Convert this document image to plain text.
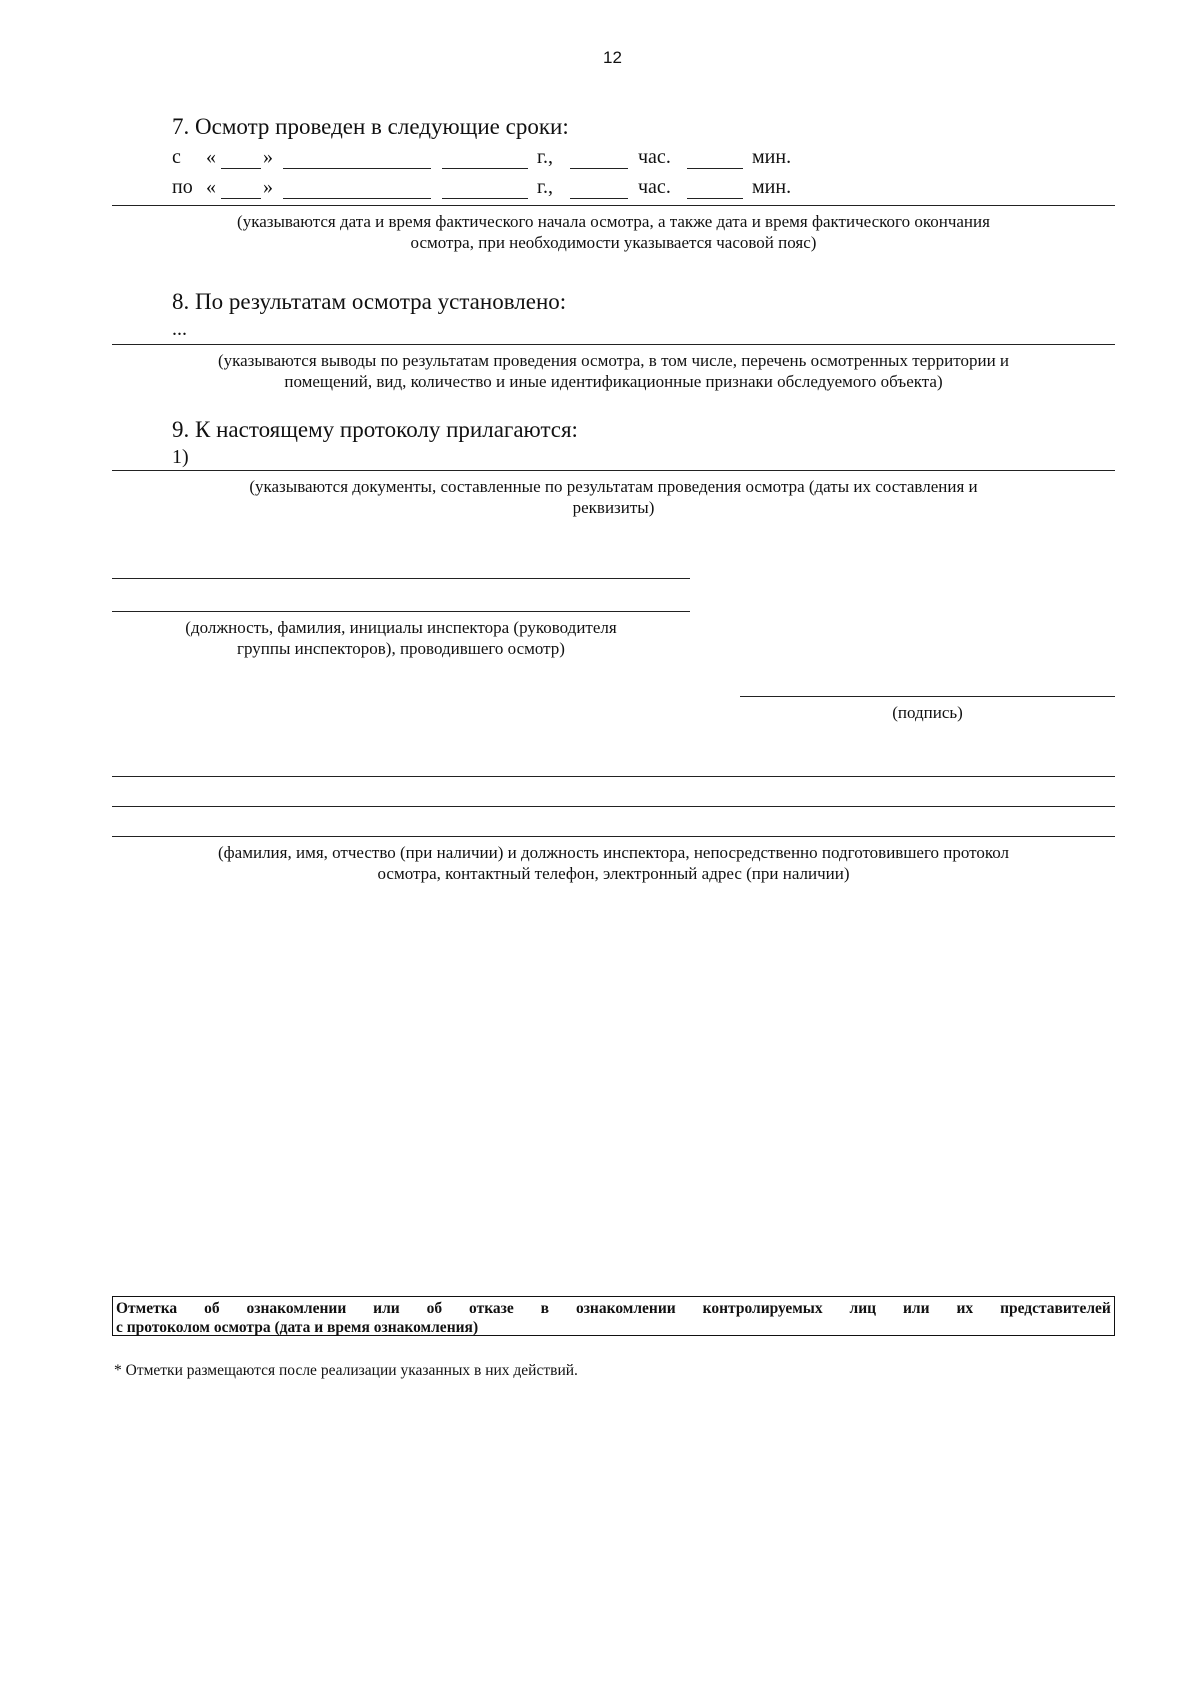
12
7. Осмотр проведен в следующие сроки:
с « »	г.,	час.	мин.
по « »	г.,	час.	мин.
(указываются дата и время фактического начала осмотра, а также дата и время фактического окончания
осмотра, при необходимости указывается часовой пояс)
8. По результатам осмотра установлено:
...
(указываются выводы по результатам проведения осмотра, в том числе, перечень осмотренных территории и
помещений, вид, количество и иные идентификационные признаки обследуемого объекта)
9. К настоящему протоколу прилагаются:
1)
(указываются документы, составленные по результатам проведения осмотра (даты их составления и
реквизиты)
(должность, фамилия, инициалы инспектора (руководителя
группы инспекторов), проводившего осмотр)
(подпись)
(фамилия, имя, отчество (при наличии) и должность инспектора, непосредственно подготовившего протокол
осмотра, контактный телефон, электронный адрес (при наличии)
Отметка об ознакомлении или об отказе в ознакомлении контролируемых лиц или их представителей
с протоколом осмотра (дата и время ознакомления)
* Отметки размещаются после реализации указанных в них действий.
